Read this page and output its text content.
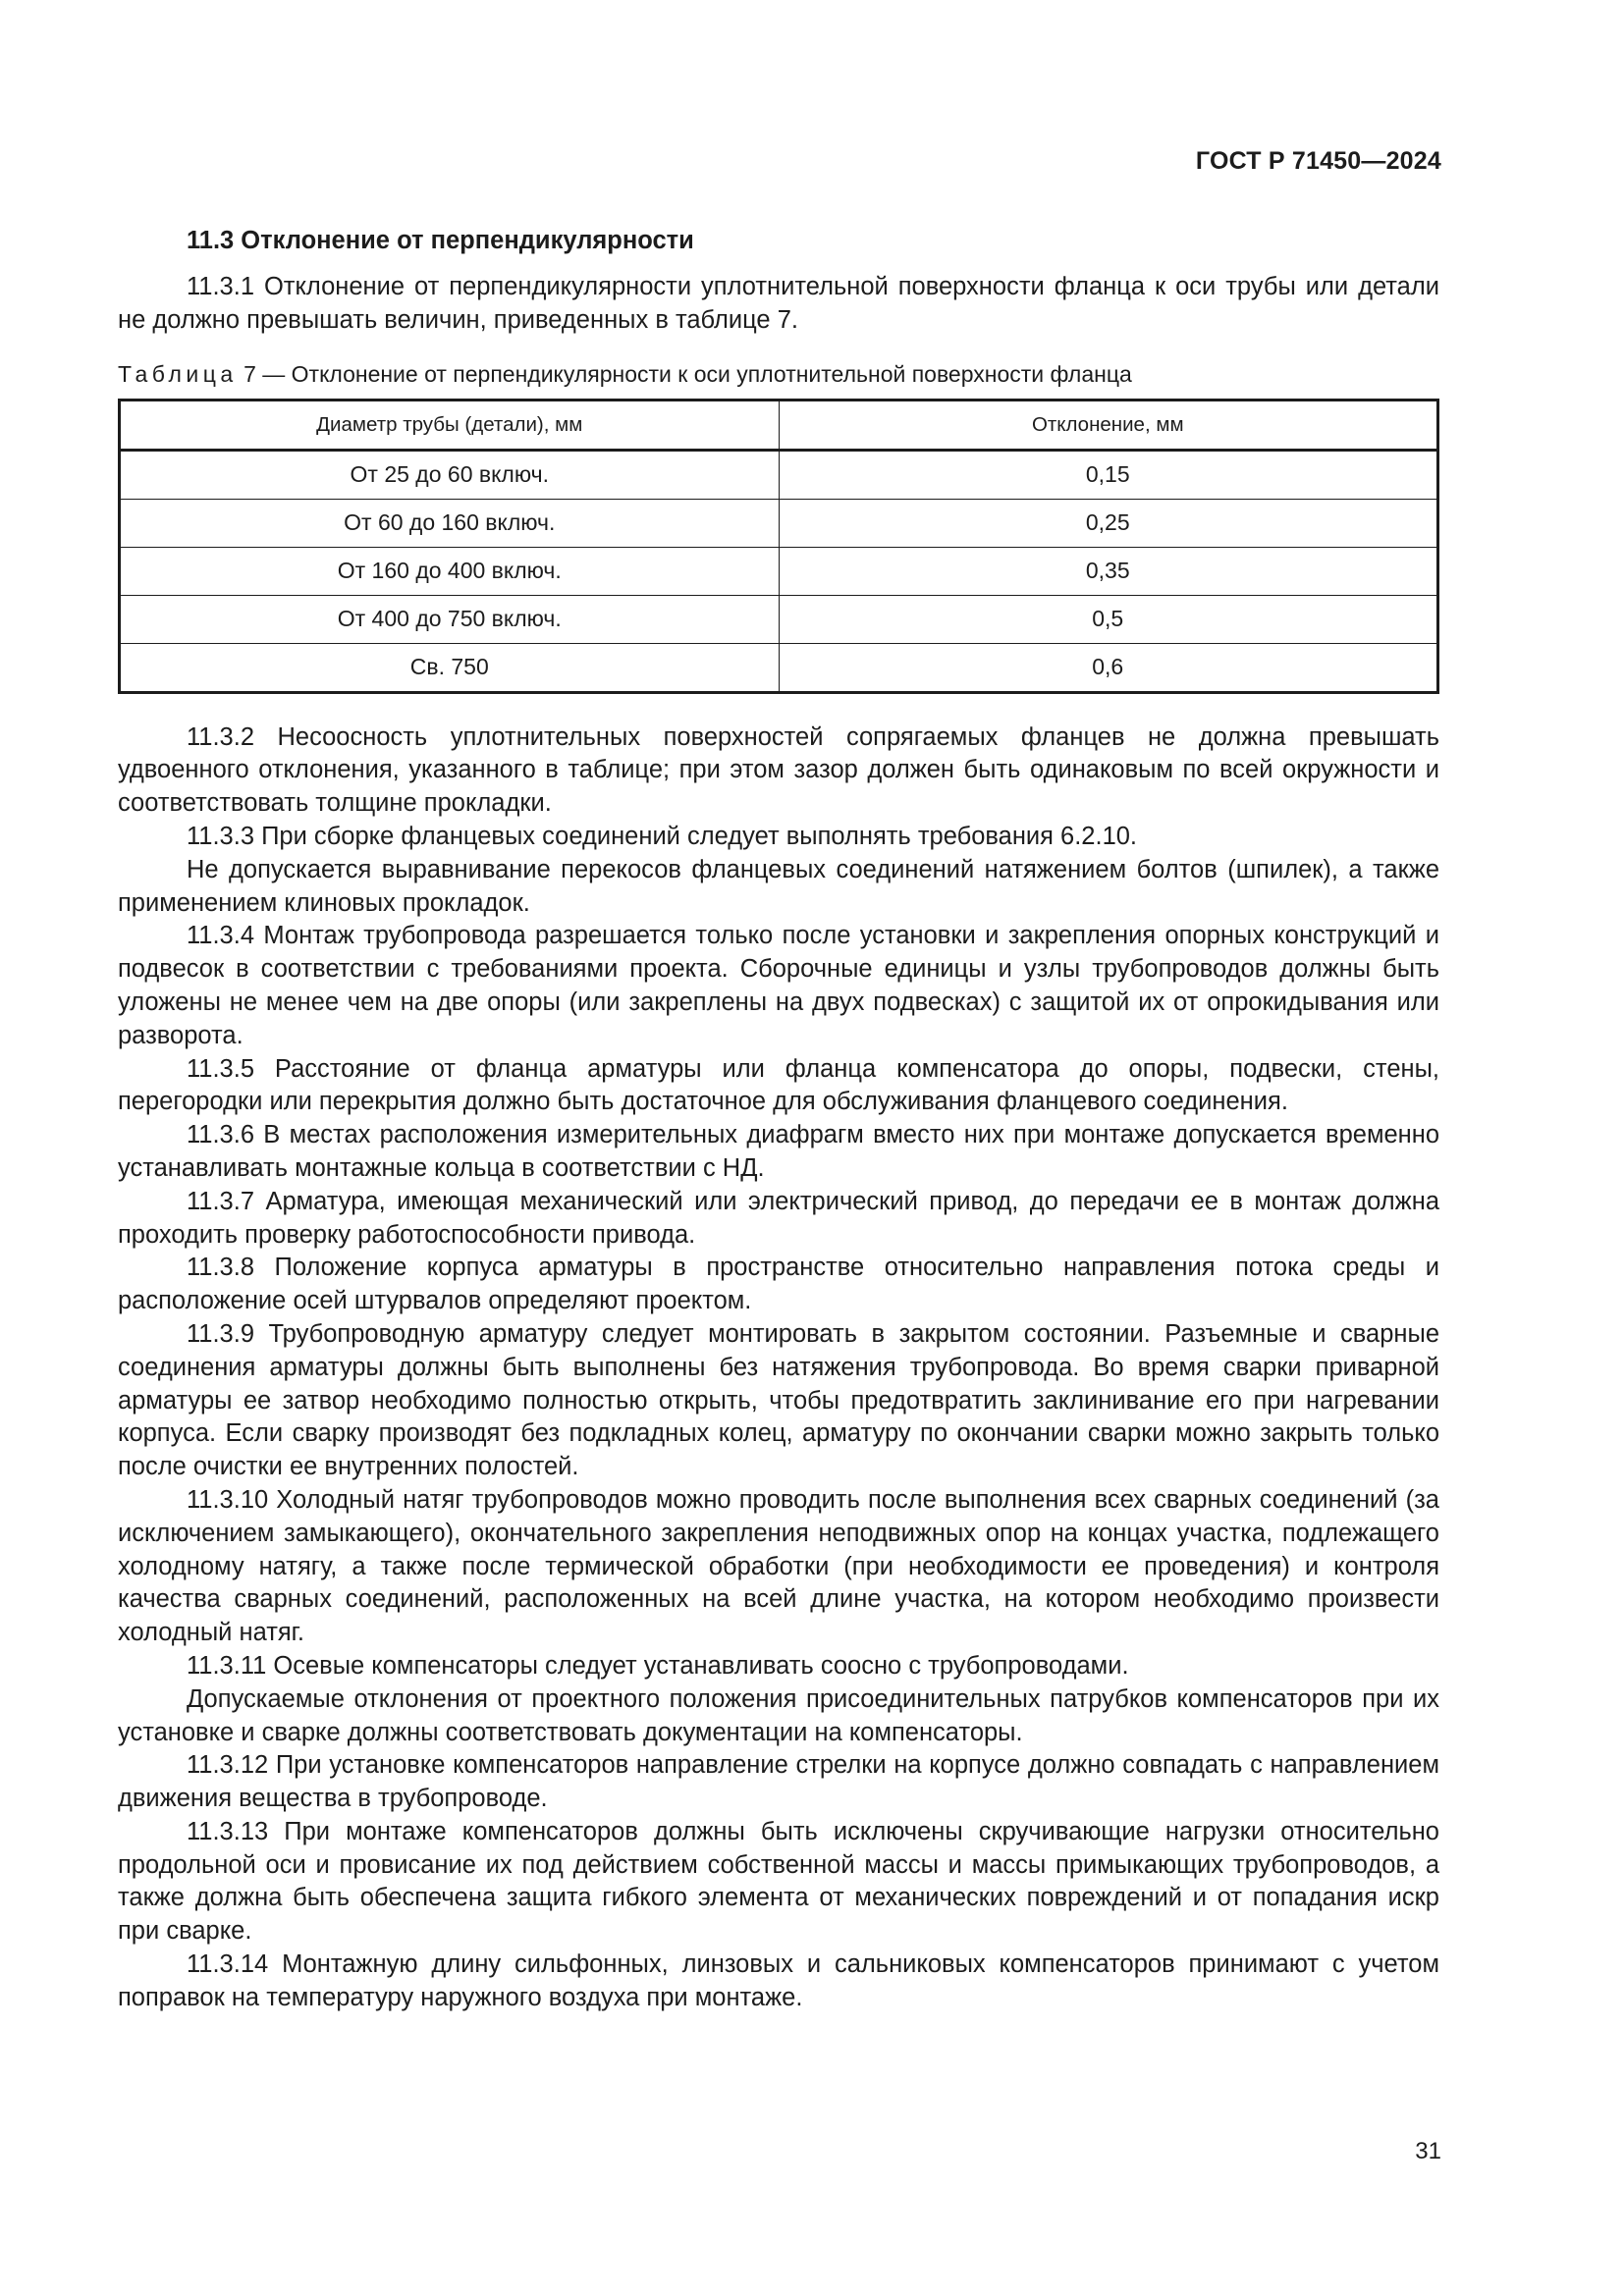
ГОСТ Р 71450—2024
11.3 Отклонение от перпендикулярности

11.3.1 Отклонение от перпендикулярности уплотнительной поверхности фланца к оси трубы или детали не должно превышать величин, приведенных в таблице 7.

Таблица 7 — Отклонение от перпендикулярности к оси уплотнительной поверхности фланца
Диаметр трубы (детали), мм	Отклонение, мм
От 25 до 60 включ.	0,15
От 60 до 160 включ.	0,25
От 160 до 400 включ.	0,35
От 400 до 750 включ.	0,5
Св. 750	0,6

11.3.2 Несоосность уплотнительных поверхностей сопрягаемых фланцев не должна превышать удвоенного отклонения, указанного в таблице; при этом зазор должен быть одинаковым по всей окружности и соответствовать толщине прокладки.

11.3.3 При сборке фланцевых соединений следует выполнять требования 6.2.10.

Не допускается выравнивание перекосов фланцевых соединений натяжением болтов (шпилек), а также применением клиновых прокладок.

11.3.4 Монтаж трубопровода разрешается только после установки и закрепления опорных конструкций и подвесок в соответствии с требованиями проекта. Сборочные единицы и узлы трубопроводов должны быть уложены не менее чем на две опоры (или закреплены на двух подвесках) с защитой их от опрокидывания или разворота.

11.3.5 Расстояние от фланца арматуры или фланца компенсатора до опоры, подвески, стены, перегородки или перекрытия должно быть достаточное для обслуживания фланцевого соединения.

11.3.6 В местах расположения измерительных диафрагм вместо них при монтаже допускается временно устанавливать монтажные кольца в соответствии с НД.

11.3.7 Арматура, имеющая механический или электрический привод, до передачи ее в монтаж должна проходить проверку работоспособности привода.

11.3.8 Положение корпуса арматуры в пространстве относительно направления потока среды и расположение осей штурвалов определяют проектом.

11.3.9 Трубопроводную арматуру следует монтировать в закрытом состоянии. Разъемные и сварные соединения арматуры должны быть выполнены без натяжения трубопровода. Во время сварки приварной арматуры ее затвор необходимо полностью открыть, чтобы предотвратить заклинивание его при нагревании корпуса. Если сварку производят без подкладных колец, арматуру по окончании сварки можно закрыть только после очистки ее внутренних полостей.

11.3.10 Холодный натяг трубопроводов можно проводить после выполнения всех сварных соединений (за исключением замыкающего), окончательного закрепления неподвижных опор на концах участка, подлежащего холодному натягу, а также после термической обработки (при необходимости ее проведения) и контроля качества сварных соединений, расположенных на всей длине участка, на котором необходимо произвести холодный натяг.

11.3.11 Осевые компенсаторы следует устанавливать соосно с трубопроводами.

Допускаемые отклонения от проектного положения присоединительных патрубков компенсаторов при их установке и сварке должны соответствовать документации на компенсаторы.

11.3.12 При установке компенсаторов направление стрелки на корпусе должно совпадать с направлением движения вещества в трубопроводе.

11.3.13 При монтаже компенсаторов должны быть исключены скручивающие нагрузки относительно продольной оси и провисание их под действием собственной массы и массы примыкающих трубопроводов, а также должна быть обеспечена защита гибкого элемента от механических повреждений и от попадания искр при сварке.

11.3.14 Монтажную длину сильфонных, линзовых и сальниковых компенсаторов принимают с учетом поправок на температуру наружного воздуха при монтаже.

31
